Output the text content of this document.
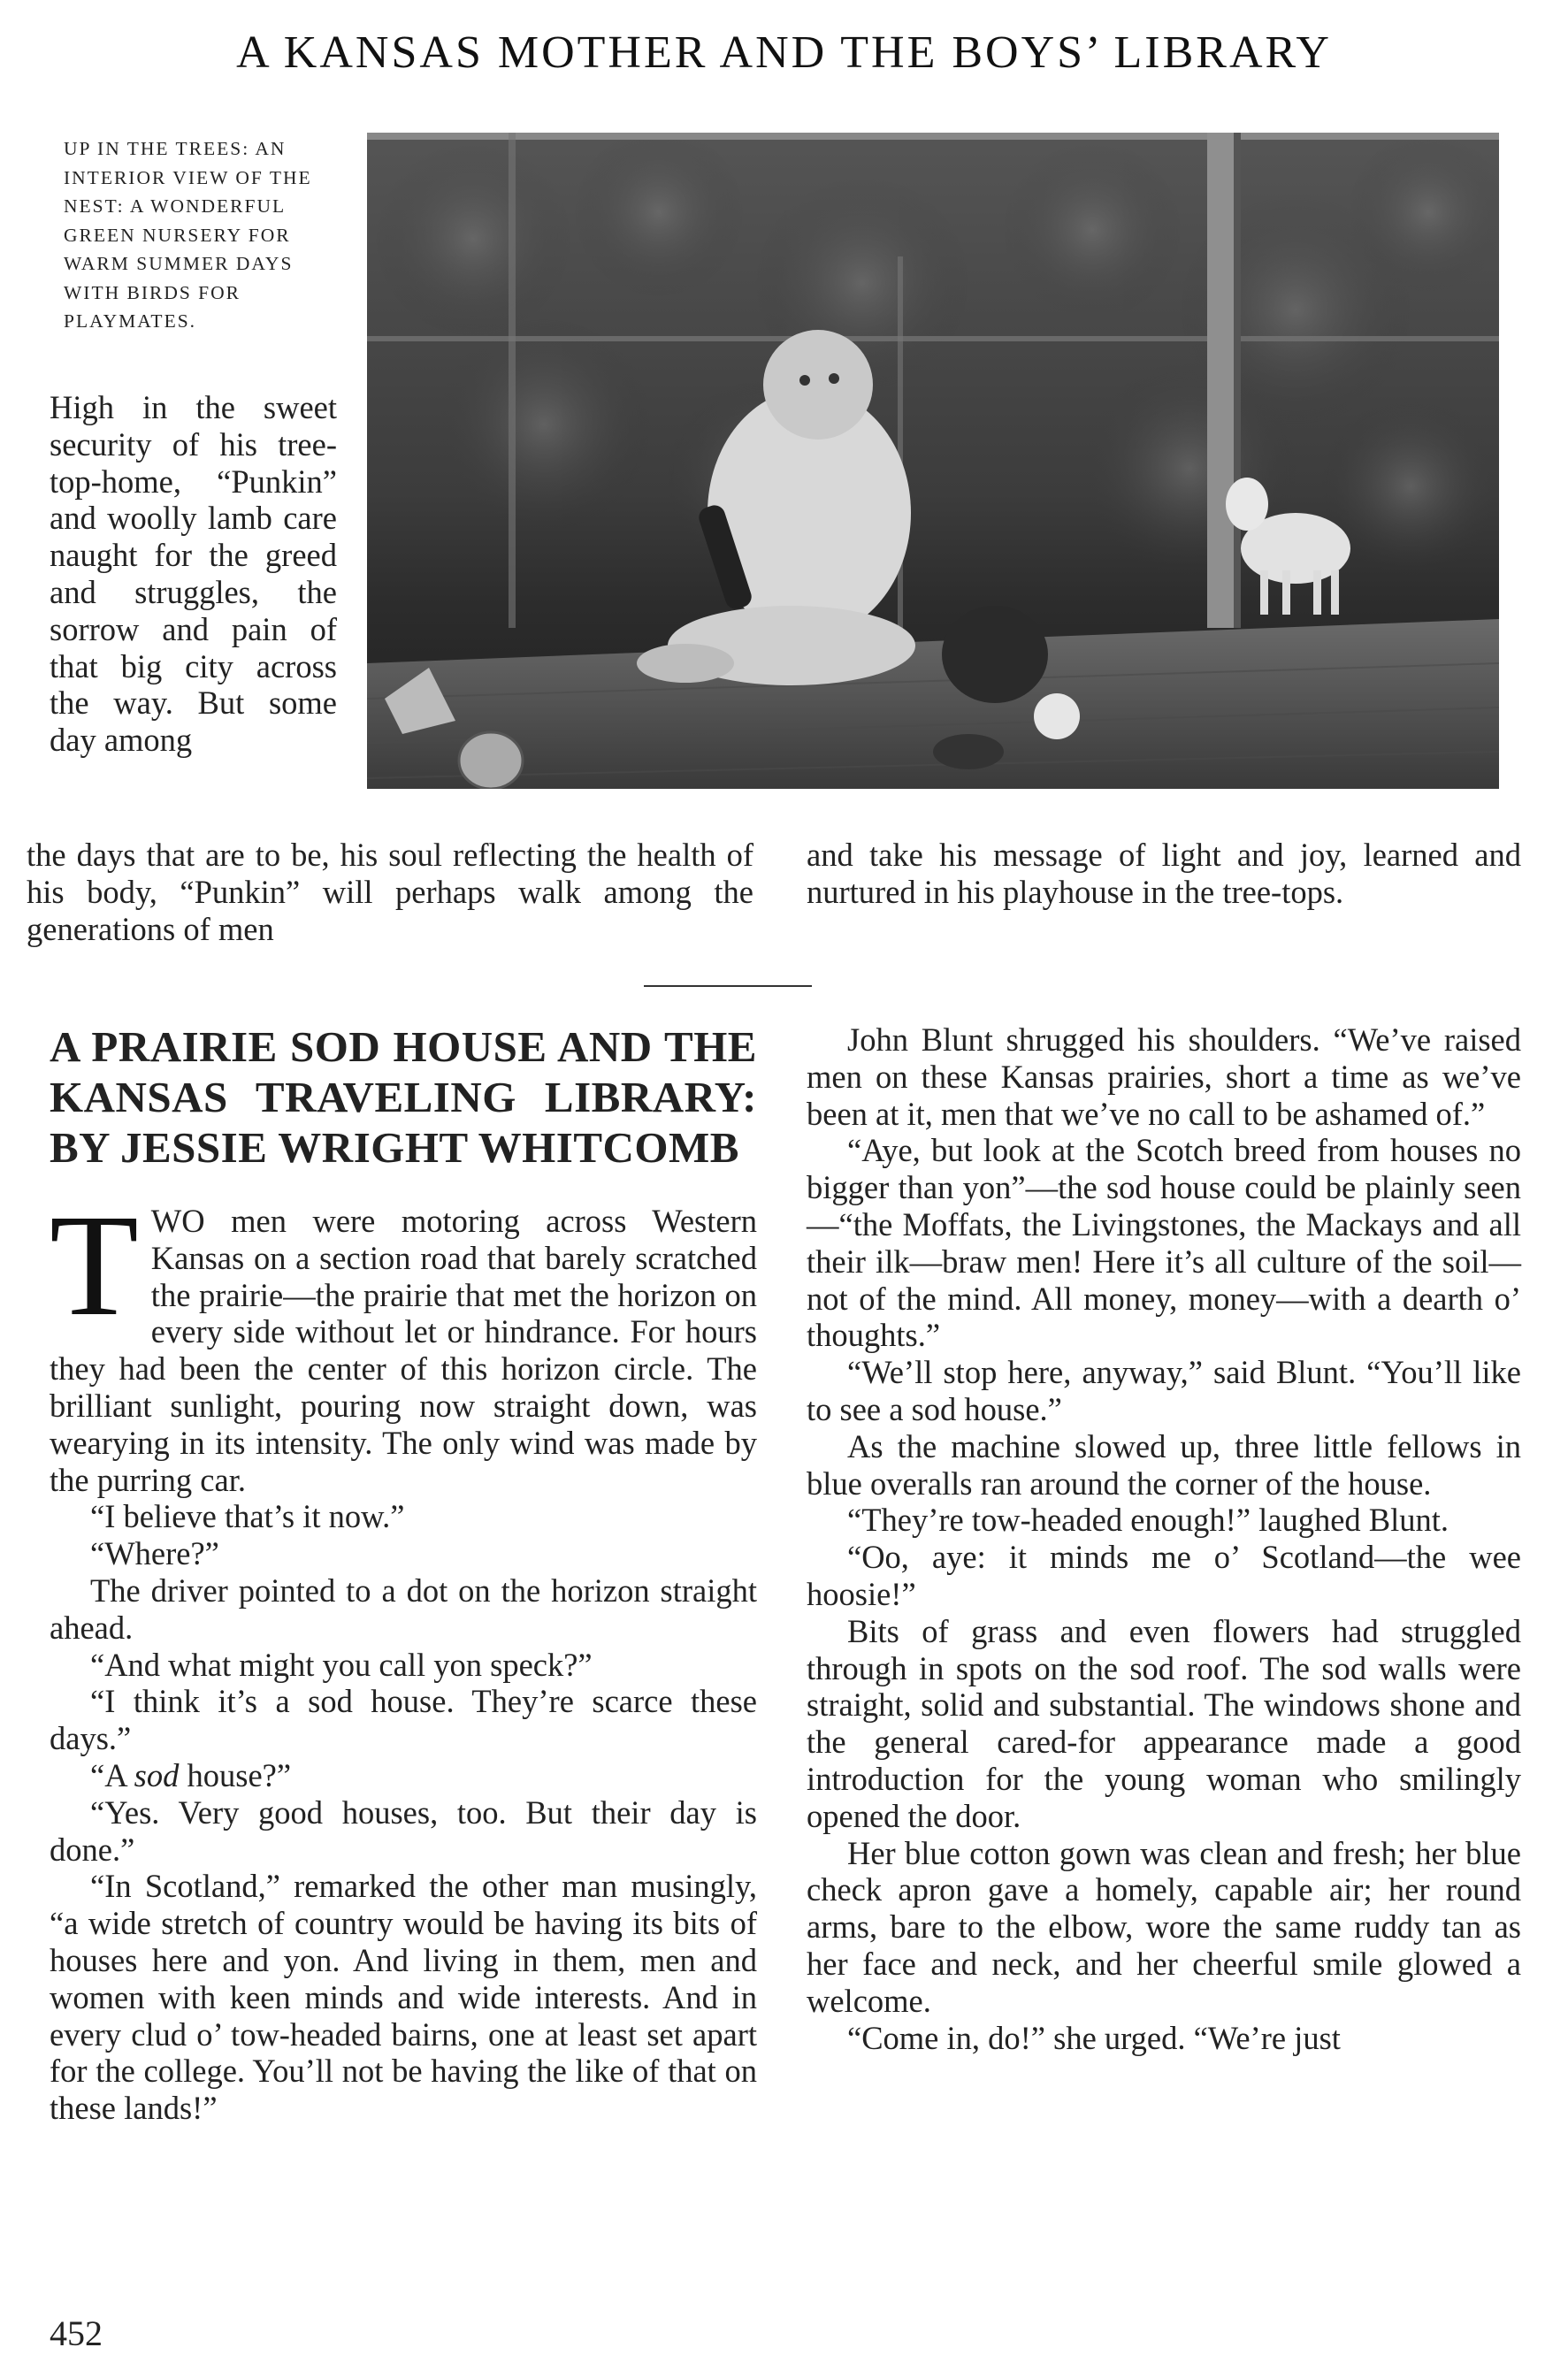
A KANSAS MOTHER AND THE BOYS’ LIBRARY
UP IN THE TREES: AN INTERIOR VIEW OF THE NEST: A WONDERFUL GREEN NURSERY FOR WARM SUMMER DAYS WITH BIRDS FOR PLAYMATES.

High in the sweet security of his tree-top-home, “Punkin” and woolly lamb care naught for the greed and struggles, the sorrow and pain of that big city across the way. But some day among

the days that are to be, his soul reflecting the health of his body, “Punkin” will perhaps walk among the generations of men

and take his message of light and joy, learned and nurtured in his playhouse in the tree-tops.

A PRAIRIE SOD HOUSE AND THE KANSAS TRAVELING LIBRARY: BY JESSIE WRIGHT WHITCOMB

TWO men were motoring across Western Kansas on a section road that barely scratched the prairie—the prairie that met the horizon on every side without let or hindrance. For hours they had been the center of this horizon circle. The brilliant sunlight, pouring now straight down, was wearying in its intensity. The only wind was made by the purring car.

“I believe that’s it now.”

“Where?”

The driver pointed to a dot on the horizon straight ahead.

“And what might you call yon speck?”

“I think it’s a sod house. They’re scarce these days.”

“A sod house?”

“Yes. Very good houses, too. But their day is done.”

“In Scotland,” remarked the other man musingly, “a wide stretch of country would be having its bits of houses here and yon. And living in them, men and women with keen minds and wide interests. And in every clud o’ tow-headed bairns, one at least set apart for the college. You’ll not be having the like of that on these lands!”

John Blunt shrugged his shoulders. “We’ve raised men on these Kansas prairies, short a time as we’ve been at it, men that we’ve no call to be ashamed of.”

“Aye, but look at the Scotch breed from houses no bigger than yon”—the sod house could be plainly seen—“the Moffats, the Livingstones, the Mackays and all their ilk—braw men! Here it’s all culture of the soil—not of the mind. All money, money—with a dearth o’ thoughts.”

“We’ll stop here, anyway,” said Blunt. “You’ll like to see a sod house.”

As the machine slowed up, three little fellows in blue overalls ran around the corner of the house.

“They’re tow-headed enough!” laughed Blunt.

“Oo, aye: it minds me o’ Scotland—the wee hoosie!”

Bits of grass and even flowers had struggled through in spots on the sod roof. The sod walls were straight, solid and substantial. The windows shone and the general cared-for appearance made a good introduction for the young woman who smilingly opened the door.

Her blue cotton gown was clean and fresh; her blue check apron gave a homely, capable air; her round arms, bare to the elbow, wore the same ruddy tan as her face and neck, and her cheerful smile glowed a welcome.

“Come in, do!” she urged. “We’re just

452
